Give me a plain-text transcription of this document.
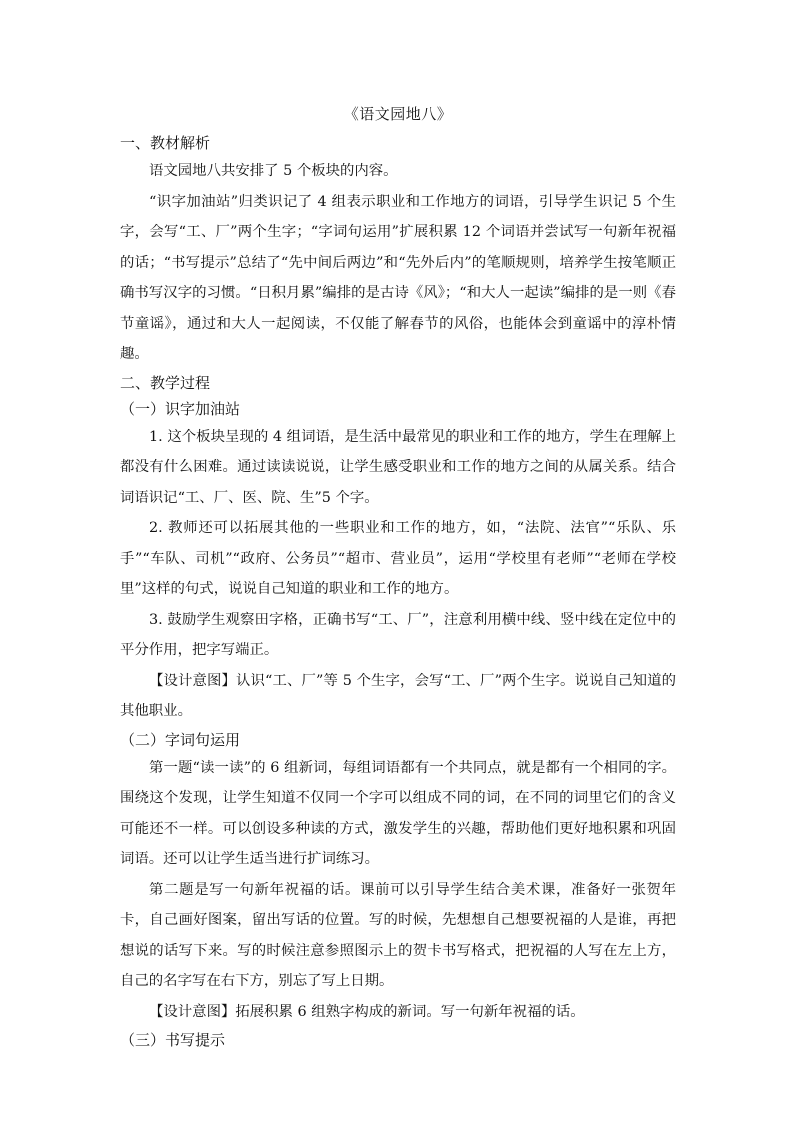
《语文园地八》

一、教材解析

语文园地八共安排了 5 个板块的内容。

“识字加油站”归类识记了 4 组表示职业和工作地方的词语，引导学生识记 5 个生字，会写“工、厂”两个生字；“字词句运用”扩展积累 12 个词语并尝试写一句新年祝福的话；“书写提示”总结了“先中间后两边”和“先外后内”的笔顺规则，培养学生按笔顺正确书写汉字的习惯。“日积月累”编排的是古诗《风》；“和大人一起读”编排的是一则《春节童谣》，通过和大人一起阅读，不仅能了解春节的风俗，也能体会到童谣中的淳朴情趣。

二、教学过程

（一）识字加油站

1. 这个板块呈现的 4 组词语，是生活中最常见的职业和工作的地方，学生在理解上都没有什么困难。通过读读说说，让学生感受职业和工作的地方之间的从属关系。结合词语识记“工、厂、医、院、生”5 个字。

2. 教师还可以拓展其他的一些职业和工作的地方，如，“法院、法官”“乐队、乐手”“车队、司机”“政府、公务员”“超市、营业员”，运用“学校里有老师”“老师在学校里”这样的句式，说说自己知道的职业和工作的地方。

3. 鼓励学生观察田字格，正确书写“工、厂”，注意利用横中线、竖中线在定位中的平分作用，把字写端正。

【设计意图】认识“工、厂”等 5 个生字，会写“工、厂”两个生字。说说自己知道的其他职业。

（二）字词句运用

第一题“读一读”的 6 组新词，每组词语都有一个共同点，就是都有一个相同的字。围绕这个发现，让学生知道不仅同一个字可以组成不同的词，在不同的词里它们的含义可能还不一样。可以创设多种读的方式，激发学生的兴趣，帮助他们更好地积累和巩固词语。还可以让学生适当进行扩词练习。

第二题是写一句新年祝福的话。课前可以引导学生结合美术课，准备好一张贺年卡，自己画好图案，留出写话的位置。写的时候，先想想自己想要祝福的人是谁，再把想说的话写下来。写的时候注意参照图示上的贺卡书写格式，把祝福的人写在左上方，自己的名字写在右下方，别忘了写上日期。

【设计意图】拓展积累 6 组熟字构成的新词。写一句新年祝福的话。

（三）书写提示
